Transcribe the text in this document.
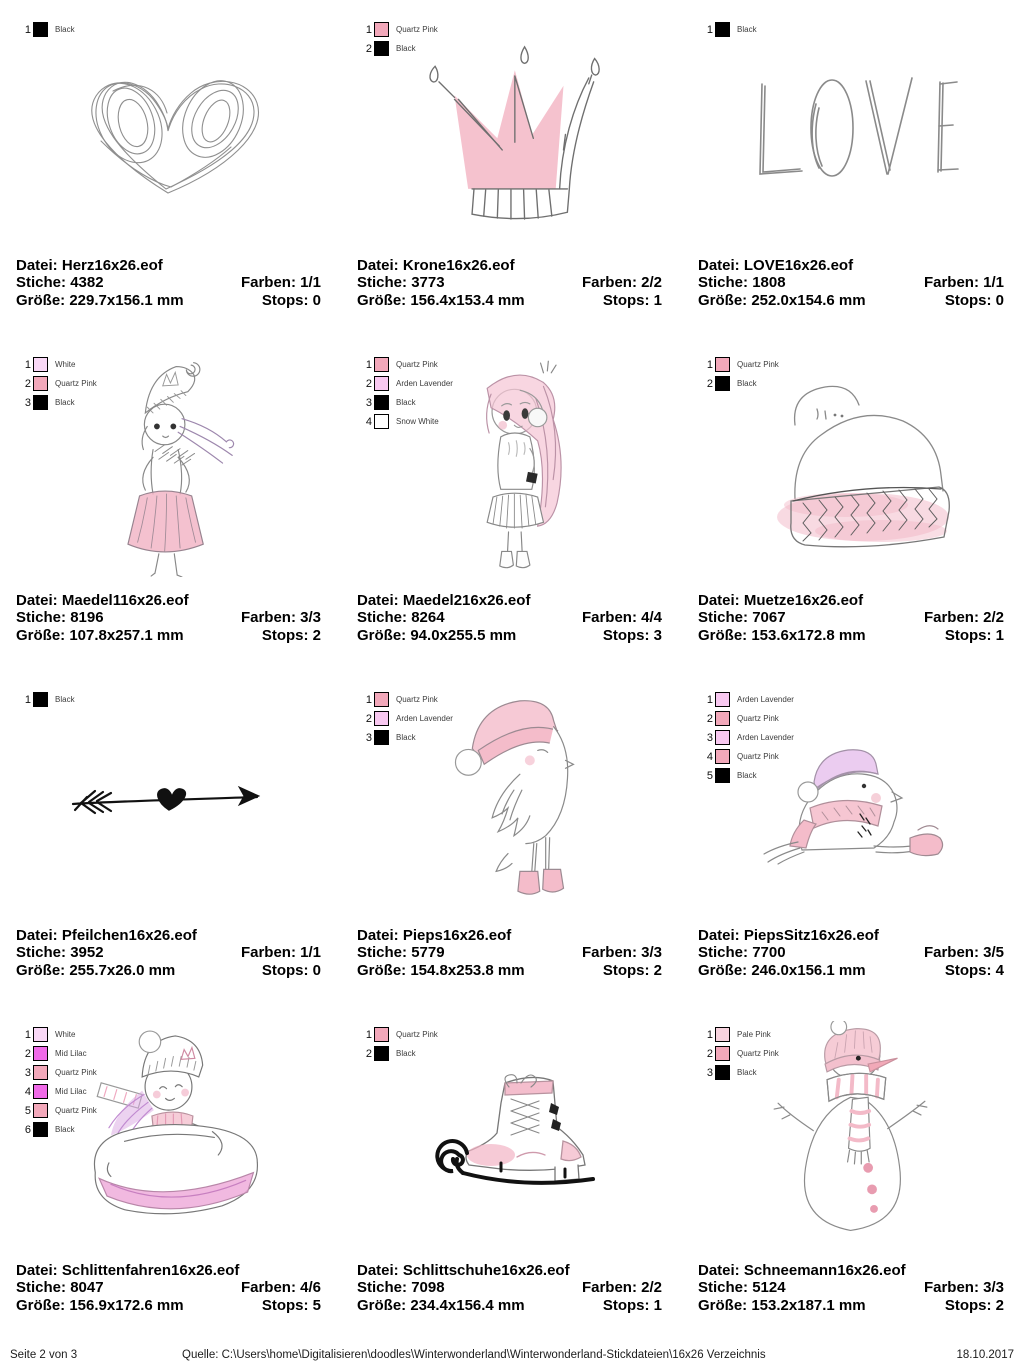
1	Black
Datei: Herz16x26.eof
Stiche: 4382	Farben: 1/1
Größe: 229.7x156.1 mm	Stops: 0
1	Quartz Pink
2	Black
Datei: Krone16x26.eof
Stiche: 3773	Farben: 2/2
Größe: 156.4x153.4 mm	Stops: 1
1	Black
Datei: LOVE16x26.eof
Stiche: 1808	Farben: 1/1
Größe: 252.0x154.6 mm	Stops: 0
1	White
2	Quartz Pink
3	Black
Datei: Maedel116x26.eof
Stiche: 8196	Farben: 3/3
Größe: 107.8x257.1 mm	Stops: 2
1	Quartz Pink
2	Arden Lavender
3	Black
4	Snow White
Datei: Maedel216x26.eof
Stiche: 8264	Farben: 4/4
Größe: 94.0x255.5 mm	Stops: 3
1	Quartz Pink
2	Black
Datei: Muetze16x26.eof
Stiche: 7067	Farben: 2/2
Größe: 153.6x172.8 mm	Stops: 1
1	Black
Datei: Pfeilchen16x26.eof
Stiche: 3952	Farben: 1/1
Größe: 255.7x26.0 mm	Stops: 0
1	Quartz Pink
2	Arden Lavender
3	Black
Datei: Pieps16x26.eof
Stiche: 5779	Farben: 3/3
Größe: 154.8x253.8 mm	Stops: 2
1	Arden Lavender
2	Quartz Pink
3	Arden Lavender
4	Quartz Pink
5	Black
Datei: PiepsSitz16x26.eof
Stiche: 7700	Farben: 3/5
Größe: 246.0x156.1 mm	Stops: 4
1	White
2	Mid Lilac
3	Quartz Pink
4	Mid Lilac
5	Quartz Pink
6	Black
Datei: Schlittenfahren16x26.eof
Stiche: 8047	Farben: 4/6
Größe: 156.9x172.6 mm	Stops: 5
1	Quartz Pink
2	Black
Datei: Schlittschuhe16x26.eof
Stiche: 7098	Farben: 2/2
Größe: 234.4x156.4 mm	Stops: 1
1	Pale Pink
2	Quartz Pink
3	Black
Datei: Schneemann16x26.eof
Stiche: 5124	Farben: 3/3
Größe: 153.2x187.1 mm	Stops: 2
Seite 2 von 3	Quelle: C:\Users\home\Digitalisieren\doodles\Winterwonderland\Winterwonderland-Stickdateien\16x26 Verzeichnis	18.10.2017
